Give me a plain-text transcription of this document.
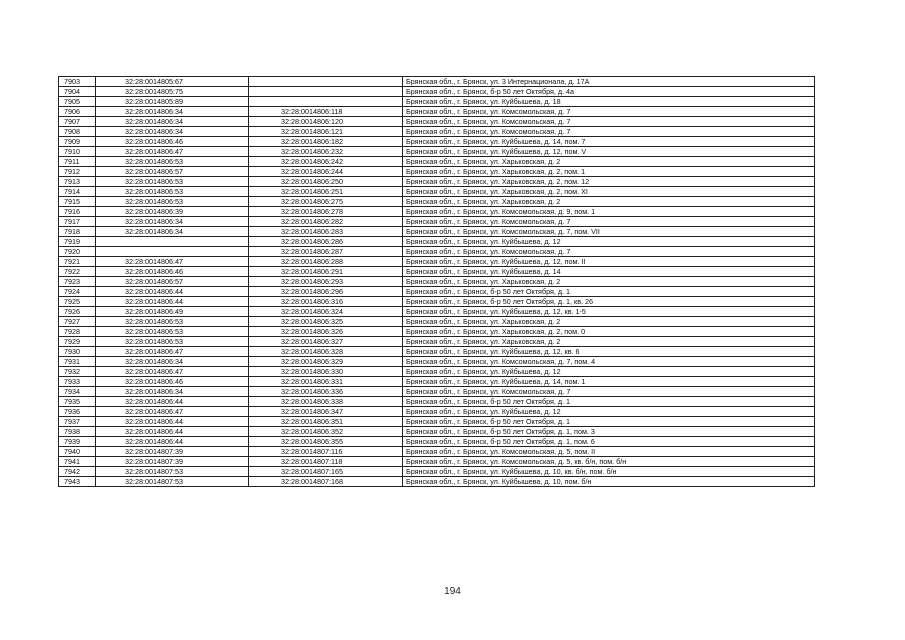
7903	32:28:0014805:67		Брянская обл., г. Брянск, ул. 3 Интернационала, д. 17А
7904	32:28:0014805:75		Брянская обл., г. Брянск, б-р 50 лет Октября, д. 4а
7905	32:28:0014805:89		Брянская обл., г. Брянск, ул. Куйбышева, д. 18
7906	32:28:0014806:34	32:28:0014806:118	Брянская обл., г. Брянск, ул. Комсомольская, д. 7
7907	32:28:0014806:34	32:28:0014806:120	Брянская обл., г. Брянск, ул. Комсомольская, д. 7
7908	32:28:0014806:34	32:28:0014806:121	Брянская обл., г. Брянск, ул. Комсомольская, д. 7
7909	32:28:0014806:46	32:28:0014806:182	Брянская обл., г. Брянск, ул. Куйбышева, д. 14, пом. 7
7910	32:28:0014806:47	32:28:0014806:232	Брянская обл., г. Брянск, ул. Куйбышева, д. 12, пом. V
7911	32:28:0014806:53	32:28:0014806:242	Брянская обл., г. Брянск, ул. Харьковская, д. 2
7912	32:28:0014806:57	32:28:0014806:244	Брянская обл., г. Брянск, ул. Харьковская, д. 2, пом. 1
7913	32:28:0014806:53	32:28:0014806:250	Брянская обл., г. Брянск, ул. Харьковская, д. 2, пом. 12
7914	32:28:0014806:53	32:28:0014806:251	Брянская обл., г. Брянск, ул. Харьковская, д. 2, пом. XI
7915	32:28:0014806:53	32:28:0014806:275	Брянская обл., г. Брянск, ул. Харьковская, д. 2
7916	32:28:0014806:39	32:28:0014806:278	Брянская обл., г. Брянск, ул. Комсомольская, д. 9, пом. 1
7917	32:28:0014806:34	32:28:0014806:282	Брянская обл., г. Брянск, ул. Комсомольская, д. 7
7918	32:28:0014806:34	32:28:0014806:283	Брянская обл., г. Брянск, ул. Комсомольская, д. 7, пом. VII
7919		32:28:0014806:286	Брянская обл., г. Брянск, ул. Куйбышева, д. 12
7920		32:28:0014806:287	Брянская обл., г. Брянск, ул. Комсомольская, д. 7
7921	32:28:0014806:47	32:28:0014806:288	Брянская обл., г. Брянск, ул. Куйбышева, д. 12, пом. II
7922	32:28:0014806:46	32:28:0014806:291	Брянская обл., г. Брянск, ул. Куйбышева, д. 14
7923	32:28:0014806:57	32:28:0014806:293	Брянская обл., г. Брянск, ул. Харьковская, д. 2
7924	32:28:0014806:44	32:28:0014806:296	Брянская обл., г. Брянск, б-р 50 лет Октября, д. 1
7925	32:28:0014806:44	32:28:0014806:316	Брянская обл., г. Брянск, б-р 50 лет Октября, д. 1, кв. 26
7926	32:28:0014806:49	32:28:0014806:324	Брянская обл., г. Брянск, ул. Куйбышева, д. 12, кв. 1-5
7927	32:28:0014806:53	32:28:0014806:325	Брянская обл., г. Брянск, ул. Харьковская, д. 2
7928	32:28:0014806:53	32:28:0014806:326	Брянская обл., г. Брянск, ул. Харьковская, д. 2, пом. 0
7929	32:28:0014806:53	32:28:0014806:327	Брянская обл., г. Брянск, ул. Харьковская, д. 2
7930	32:28:0014806:47	32:28:0014806:328	Брянская обл., г. Брянск, ул. Куйбышева, д. 12, кв. 6
7931	32:28:0014806:34	32:28:0014806:329	Брянская обл., г. Брянск, ул. Комсомольская, д. 7, пом. 4
7932	32:28:0014806:47	32:28:0014806:330	Брянская обл., г. Брянск, ул. Куйбышева, д. 12
7933	32:28:0014806:46	32:28:0014806:331	Брянская обл., г. Брянск, ул. Куйбышева, д. 14, пом. 1
7934	32:28:0014806:34	32:28:0014806:336	Брянская обл., г. Брянск, ул. Комсомольская, д. 7
7935	32:28:0014806:44	32:28:0014806:338	Брянская обл., г. Брянск, б-р 50 лет Октября, д. 1
7936	32:28:0014806:47	32:28:0014806:347	Брянская обл., г. Брянск, ул. Куйбышева, д. 12
7937	32:28:0014806:44	32:28:0014806:351	Брянская обл., г. Брянск, б-р 50 лет Октября, д. 1
7938	32:28:0014806:44	32:28:0014806:352	Брянская обл., г. Брянск, б-р 50 лет Октября, д. 1, пом. 3
7939	32:28:0014806:44	32:28:0014806:355	Брянская обл., г. Брянск, б-р 50 лет Октября, д. 1, пом. 6
7940	32:28:0014807:39	32:28:0014807:116	Брянская обл., г. Брянск, ул. Комсомольская, д. 5, пом. II
7941	32:28:0014807:39	32:28:0014807:118	Брянская обл., г. Брянск, ул. Комсомольская, д. 5, кв. б/н, пом. б/н
7942	32:28:0014807:53	32:28:0014807:165	Брянская обл., г. Брянск, ул. Куйбышева, д. 10, кв. б/н, пом. б/н
7943	32:28:0014807:53	32:28:0014807:168	Брянская обл., г. Брянск, ул. Куйбышева, д. 10, пом. б/н
194
